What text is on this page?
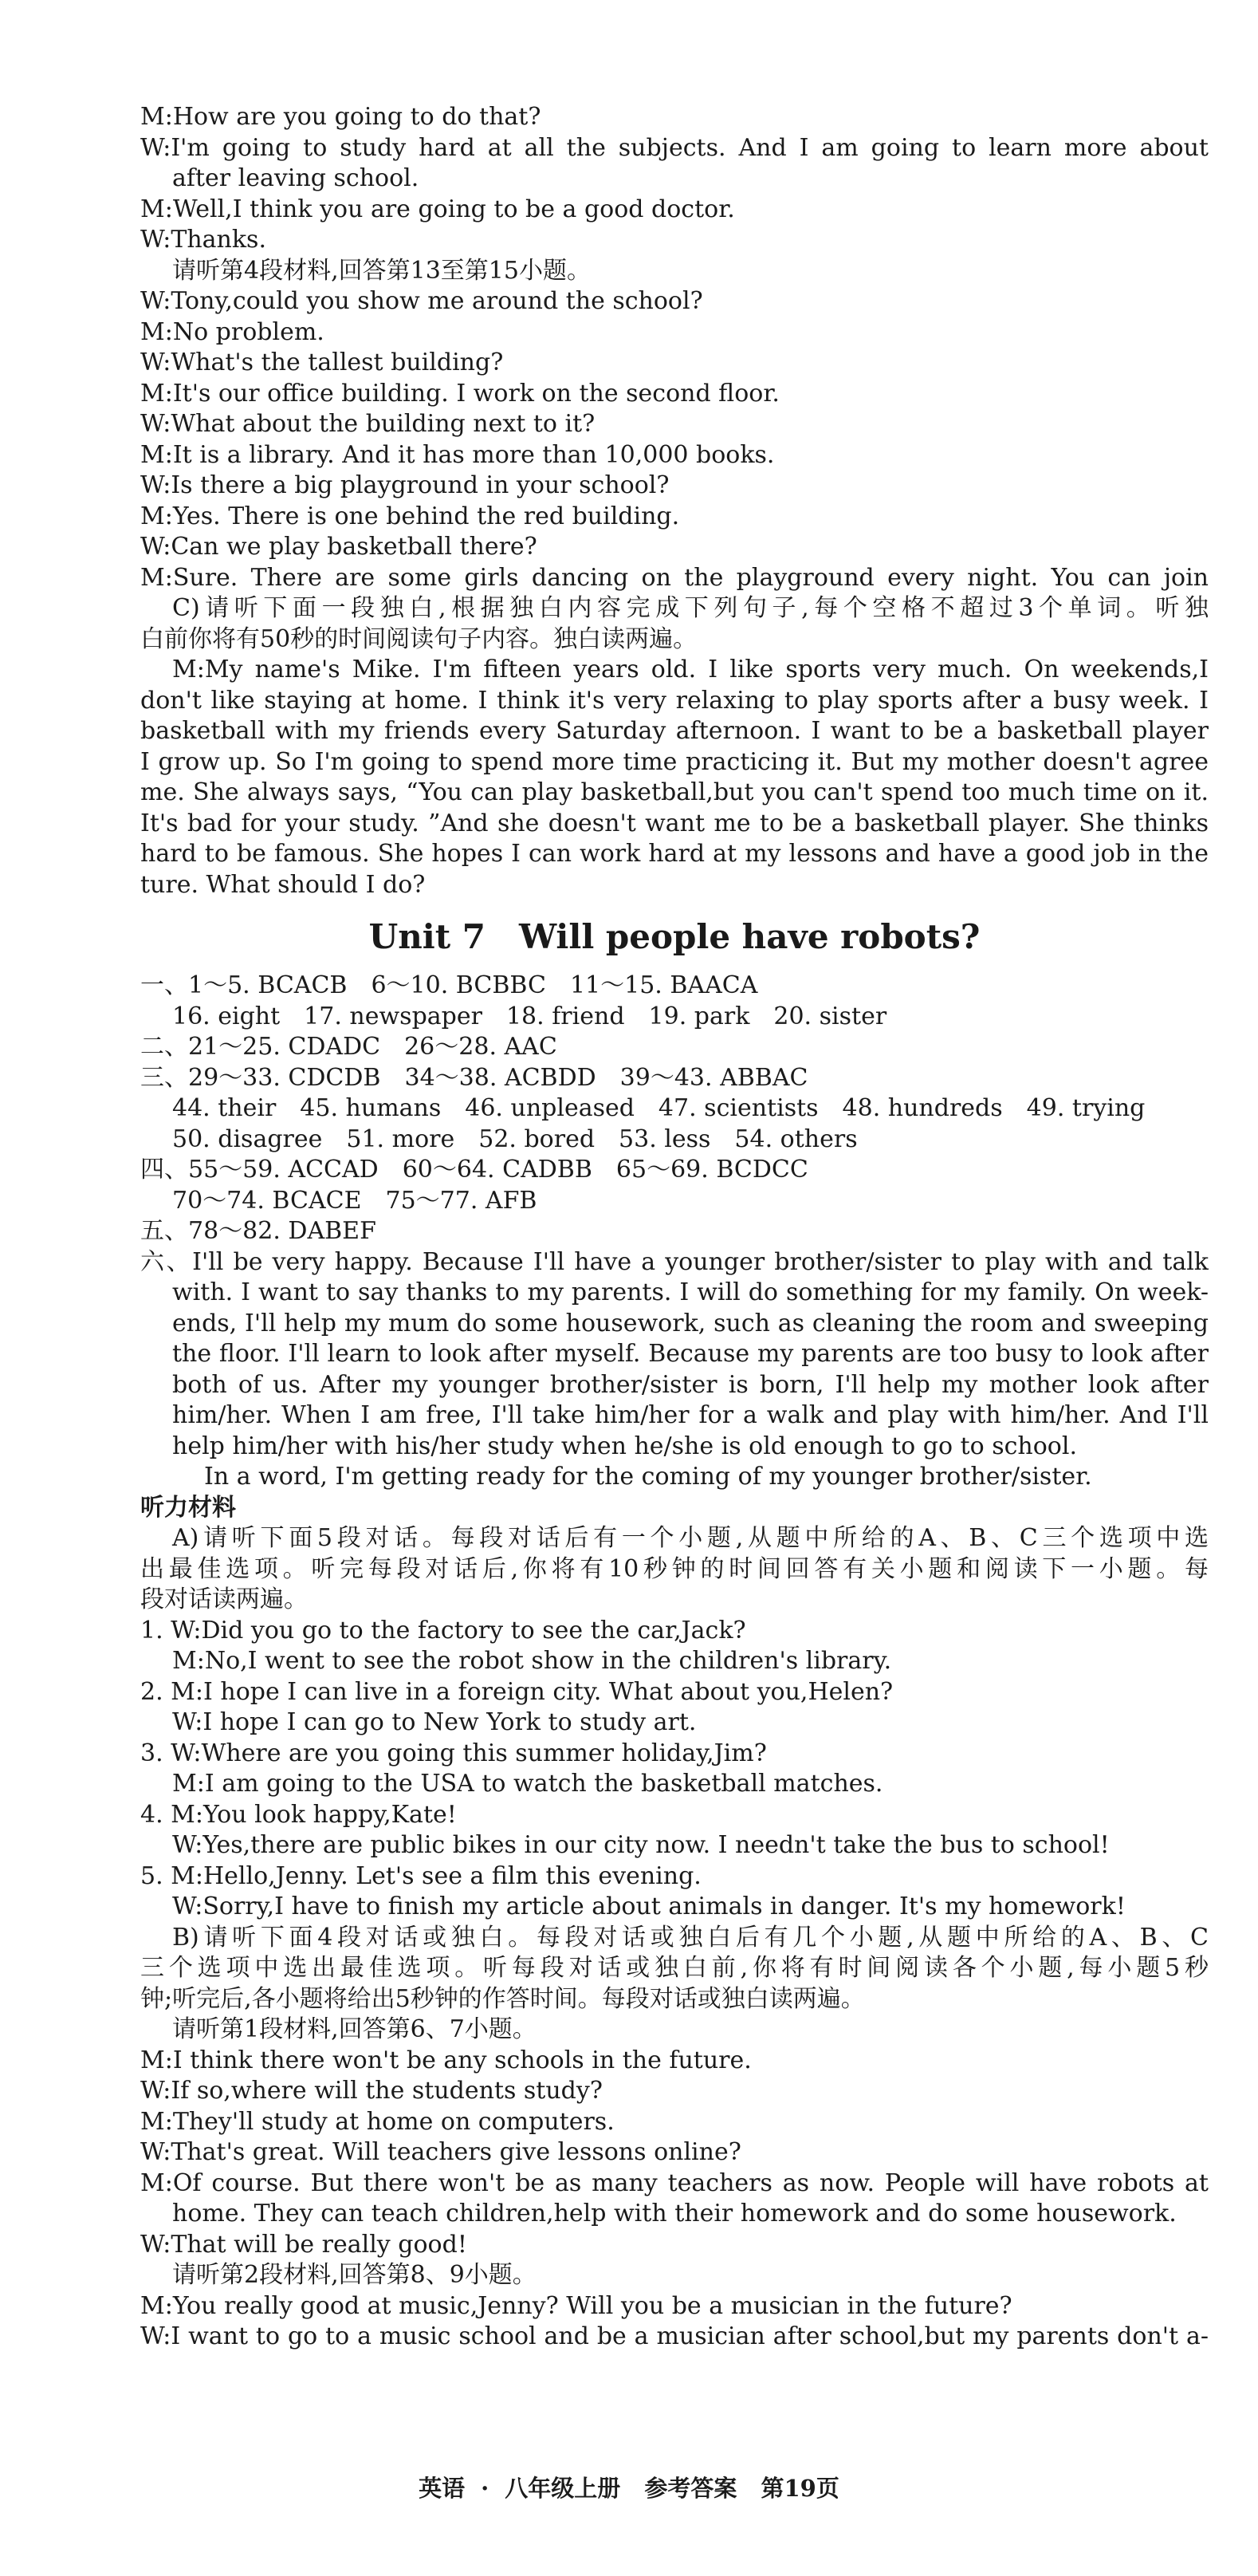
M:How are you going to do that?
W:I'm going to study hard at all the subjects. And I am going to learn more about
after leaving school.
M:Well,I think you are going to be a good doctor.
W:Thanks.
请听第4段材料,回答第13至第15小题。
W:Tony,could you show me around the school?
M:No problem.
W:What's the tallest building?
M:It's our office building. I work on the second floor.
W:What about the building next to it?
M:It is a library. And it has more than 10,000 books.
W:Is there a big playground in your school?
M:Yes. There is one behind the red building.
W:Can we play basketball there?
M:Sure. There are some girls dancing on the playground every night. You can join
C)请听下面一段独白,根据独白内容完成下列句子,每个空格不超过3个单词。听独
白前你将有50秒的时间阅读句子内容。独白读两遍。
M:My name's Mike. I'm fifteen years old. I like sports very much. On weekends,I
don't like staying at home. I think it's very relaxing to play sports after a busy week. I
basketball with my friends every Saturday afternoon. I want to be a basketball player
I grow up. So I'm going to spend more time practicing it. But my mother doesn't agree
me. She always says, “You can play basketball,but you can't spend too much time on it.
It's bad for your study. ”And she doesn't want me to be a basketball player. She thinks
hard to be famous. She hopes I can work hard at my lessons and have a good job in the
ture. What should I do?
Unit 7　Will people have robots?
一、1～5. BCACB　6～10. BCBBC　11～15. BAACA
16. eight　17. newspaper　18. friend　19. park　20. sister
二、21～25. CDADC　26～28. AAC
三、29～33. CDCDB　34～38. ACBDD　39～43. ABBAC
44. their　45. humans　46. unpleased　47. scientists　48. hundreds　49. trying
50. disagree　51. more　52. bored　53. less　54. others
四、55～59. ACCAD　60～64. CADBB　65～69. BCDCC
70～74. BCACE　75～77. AFB
五、78～82. DABEF
六、I'll be very happy. Because I'll have a younger brother/sister to play with and talk
with. I want to say thanks to my parents. I will do something for my family. On week-
ends, I'll help my mum do some housework, such as cleaning the room and sweeping
the floor. I'll learn to look after myself. Because my parents are too busy to look after
both of us. After my younger brother/sister is born, I'll help my mother look after
him/her. When I am free, I'll take him/her for a walk and play with him/her. And I'll
help him/her with his/her study when he/she is old enough to go to school.
In a word, I'm getting ready for the coming of my younger brother/sister.
听力材料
A)请听下面5段对话。每段对话后有一个小题,从题中所给的A、B、C三个选项中选
出最佳选项。听完每段对话后,你将有10秒钟的时间回答有关小题和阅读下一小题。每
段对话读两遍。
1. W:Did you go to the factory to see the car,Jack?
M:No,I went to see the robot show in the children's library.
2. M:I hope I can live in a foreign city. What about you,Helen?
W:I hope I can go to New York to study art.
3. W:Where are you going this summer holiday,Jim?
M:I am going to the USA to watch the basketball matches.
4. M:You look happy,Kate!
W:Yes,there are public bikes in our city now. I needn't take the bus to school!
5. M:Hello,Jenny. Let's see a film this evening.
W:Sorry,I have to finish my article about animals in danger. It's my homework!
B)请听下面4段对话或独白。每段对话或独白后有几个小题,从题中所给的A、B、C
三个选项中选出最佳选项。听每段对话或独白前,你将有时间阅读各个小题,每小题5秒
钟;听完后,各小题将给出5秒钟的作答时间。每段对话或独白读两遍。
请听第1段材料,回答第6、7小题。
M:I think there won't be any schools in the future.
W:If so,where will the students study?
M:They'll study at home on computers.
W:That's great. Will teachers give lessons online?
M:Of course. But there won't be as many teachers as now. People will have robots at
home. They can teach children,help with their homework and do some housework.
W:That will be really good!
请听第2段材料,回答第8、9小题。
M:You really good at music,Jenny? Will you be a musician in the future?
W:I want to go to a music school and be a musician after school,but my parents don't a-
英语 · 八年级上册 参考答案 第19页
